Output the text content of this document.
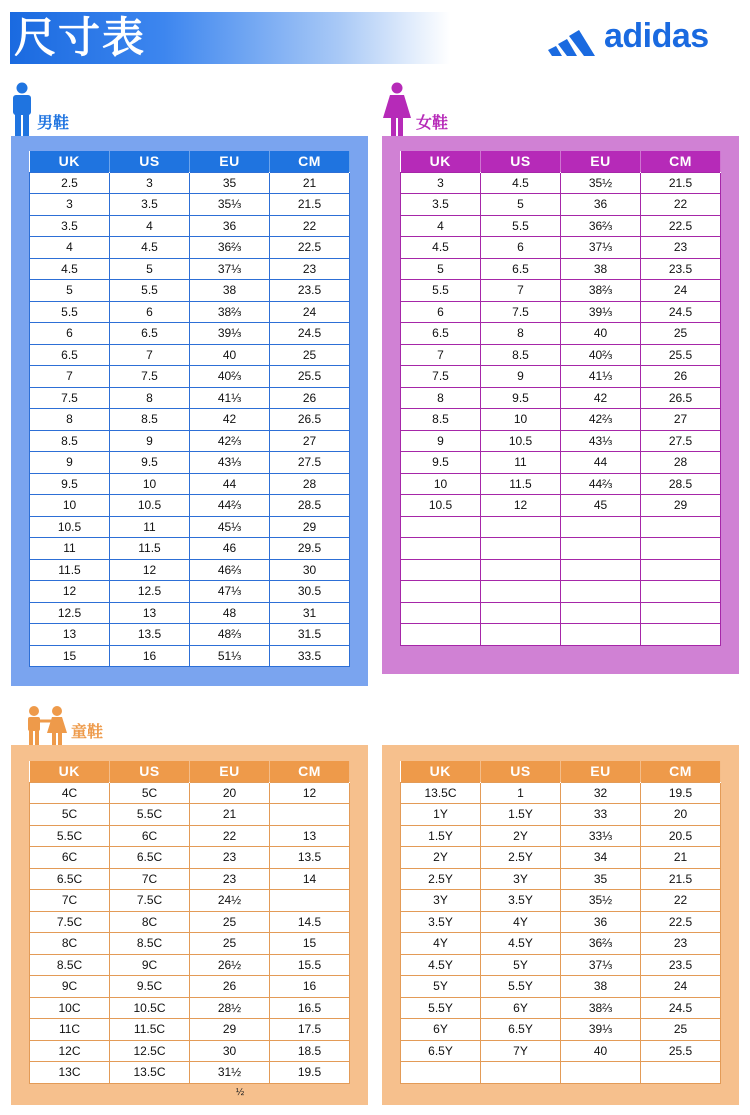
尺寸表	adidas
男鞋	女鞋
童鞋
UK	US	EU	CM
2.5	3	35	21
3	3.5	35⅓	21.5
3.5	4	36	22
4	4.5	36⅔	22.5
4.5	5	37⅓	23
5	5.5	38	23.5
5.5	6	38⅔	24
6	6.5	39⅓	24.5
6.5	7	40	25
7	7.5	40⅔	25.5
7.5	8	41⅓	26
8	8.5	42	26.5
8.5	9	42⅔	27
9	9.5	43⅓	27.5
9.5	10	44	28
10	10.5	44⅔	28.5
10.5	11	45⅓	29
11	11.5	46	29.5
11.5	12	46⅔	30
12	12.5	47⅓	30.5
12.5	13	48	31
13	13.5	48⅔	31.5
15	16	51⅓	33.5
UK	US	EU	CM
3	4.5	35½	21.5
3.5	5	36	22
4	5.5	36⅔	22.5
4.5	6	37⅓	23
5	6.5	38	23.5
5.5	7	38⅔	24
6	7.5	39⅓	24.5
6.5	8	40	25
7	8.5	40⅔	25.5
7.5	9	41⅓	26
8	9.5	42	26.5
8.5	10	42⅔	27
9	10.5	43⅓	27.5
9.5	11	44	28
10	11.5	44⅔	28.5
10.5	12	45	29

UK	US	EU	CM
4C	5C	20	12
5C	5.5C	21	
5.5C	6C	22	13
6C	6.5C	23	13.5
6.5C	7C	23	14
7C	7.5C	24½	
7.5C	8C	25	14.5
8C	8.5C	25	15
8.5C	9C	26½	15.5
9C	9.5C	26	16
10C	10.5C	28½	16.5
11C	11.5C	29	17.5
12C	12.5C	30	18.5
13C	13.5C	31½	19.5
UK	US	EU	CM
13.5C	1	32	19.5
1Y	1.5Y	33	20
1.5Y	2Y	33⅓	20.5
2Y	2.5Y	34	21
2.5Y	3Y	35	21.5
3Y	3.5Y	35½	22
3.5Y	4Y	36	22.5
4Y	4.5Y	36⅔	23
4.5Y	5Y	37⅓	23.5
5Y	5.5Y	38	24
5.5Y	6Y	38⅔	24.5
6Y	6.5Y	39⅓	25
6.5Y	7Y	40	25.5

½
